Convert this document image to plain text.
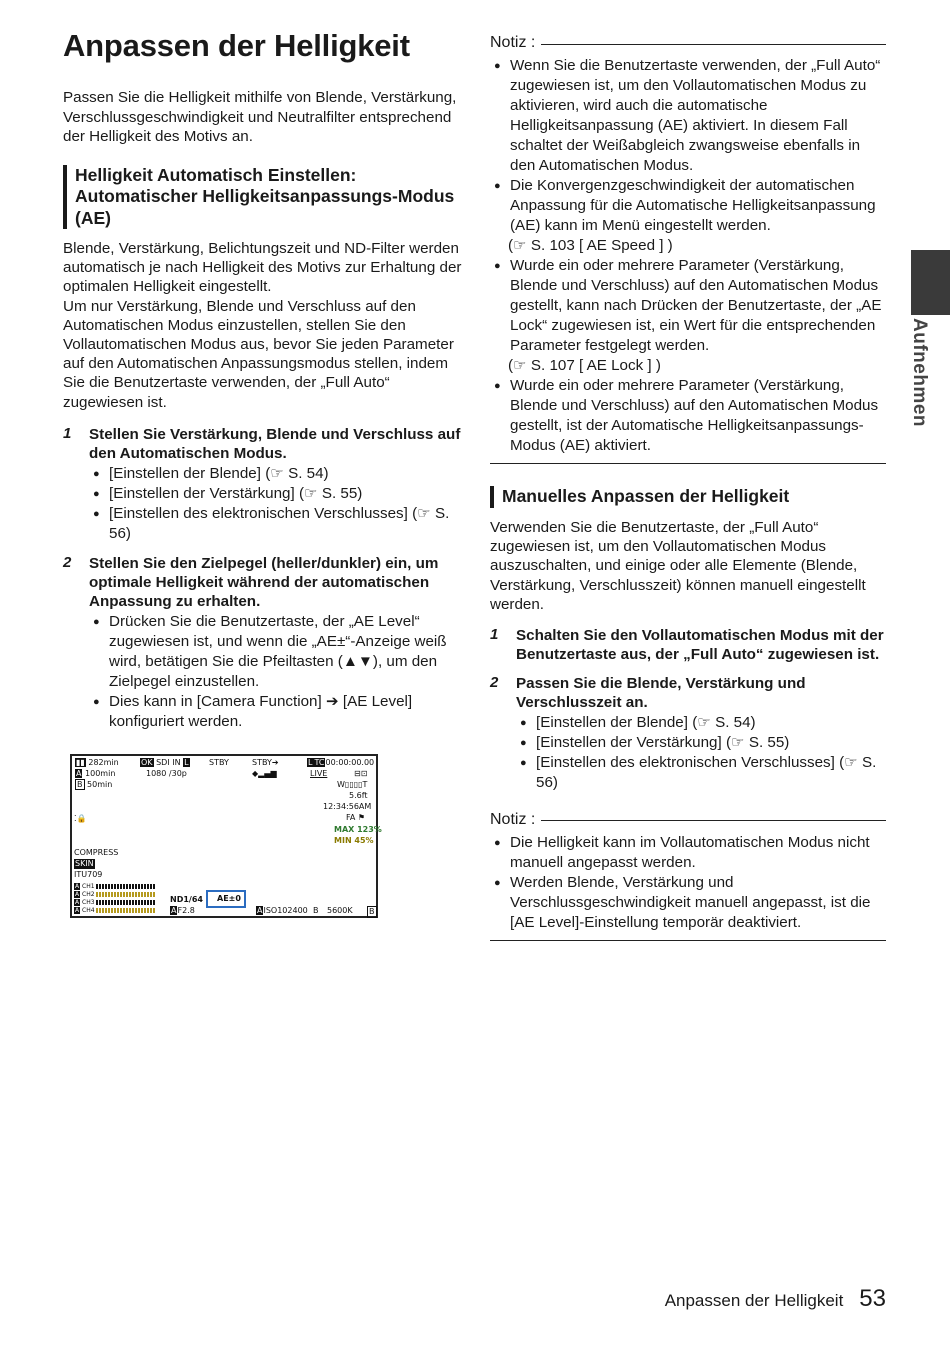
Anpassen der Helligkeit

Passen Sie die Helligkeit mithilfe von Blende, Verstärkung, Verschlussgeschwindigkeit und Neutralfilter entsprechend der Helligkeit des Motivs an.

Helligkeit Automatisch Einstellen:
Automatischer Helligkeitsanpassungs-Modus
(AE)

Blende, Verstärkung, Belichtungszeit und ND-Filter werden automatisch je nach Helligkeit des Motivs zur Erhaltung der optimalen Helligkeit eingestellt.

Um nur Verstärkung, Blende und Verschluss auf den Automatischen Modus einzustellen, stellen Sie den Vollautomatischen Modus aus, bevor Sie jeden Parameter auf den Automatischen Anpassungsmodus stellen, indem Sie die Benutzertaste verwenden, der „Full Auto“ zugewiesen ist.

1 Stellen Sie Verstärkung, Blende und Verschluss auf den Automatischen Modus.

● [Einstellen der Blende] (☞ S. 54)
● [Einstellen der Verstärkung] (☞ S. 55)
● [Einstellen des elektronischen Verschlusses] (☞ S. 56)
2 Stellen Sie den Zielpegel (heller/dunkler) ein, um optimale Helligkeit während der automatischen Anpassung zu erhalten.

● Drücken Sie die Benutzertaste, der „AE Level“ zugewiesen ist, und wenn die „AE±“-Anzeige weiß wird, betätigen Sie die Pfeiltasten (▲▼), um den Zielpegel einzustellen.
● Dies kann in [Camera Function] ➔ [AE Level] konfiguriert werden.
▮▮ 282min
A 100min
B 50min
OK SDI IN L
1080 /30p
STBY	STBY➔
◆▂▄▆
L TC00:00:00.00
LIVE	⊟⊡
W▯▯▯▯T
5.6ft
12:34:56AM
FA ⚑
MAX 123%
MIN 45%
⁚🔒
COMPRESS
SKIN
ITU709
A CH1
A CH2
A CH3
A CH4
ND1/64
AF2.8
AE±0
AISO102400 B 5600K B
Notiz :
● Wenn Sie die Benutzertaste verwenden, der „Full Auto“ zugewiesen ist, um den Vollautomatischen Modus zu aktivieren, wird auch die automatische Helligkeitsanpassung (AE) aktiviert. In diesem Fall schaltet der Weißabgleich zwangsweise ebenfalls in den Automatischen Modus.
● Die Konvergenzgeschwindigkeit der automatischen Anpassung für die Automatische Helligkeitsanpassung (AE) kann im Menü eingestellt werden.

(☞ S. 103 [ AE Speed ] )

● Wurde ein oder mehrere Parameter (Verstärkung, Blende und Verschluss) auf den Automatischen Modus gestellt, kann nach Drücken der Benutzertaste, der „AE Lock“ zugewiesen ist, ein Wert für die entsprechenden Parameter festgelegt werden.

(☞ S. 107 [ AE Lock ] )

● Wurde ein oder mehrere Parameter (Verstärkung, Blende und Verschluss) auf den Automatischen Modus gestellt, ist der Automatische Helligkeitsanpassungs-Modus (AE) aktiviert.
Manuelles Anpassen der Helligkeit

Verwenden Sie die Benutzertaste, der „Full Auto“ zugewiesen ist, um den Vollautomatischen Modus auszuschalten, und einige oder alle Elemente (Blende, Verstärkung, Verschlusszeit) können manuell eingestellt werden.

1 Schalten Sie den Vollautomatischen Modus mit der Benutzertaste aus, der „Full Auto“ zugewiesen ist.

2 Passen Sie die Blende, Verstärkung und Verschlusszeit an.

● [Einstellen der Blende] (☞ S. 54)
● [Einstellen der Verstärkung] (☞ S. 55)
● [Einstellen des elektronischen Verschlusses] (☞ S. 56)
Notiz :
● Die Helligkeit kann im Vollautomatischen Modus nicht manuell angepasst werden.
● Werden Blende, Verstärkung und Verschlussgeschwindigkeit manuell angepasst, ist die [AE Level]-Einstellung temporär deaktiviert.
Aufnehmen
Anpassen der Helligkeit 53
